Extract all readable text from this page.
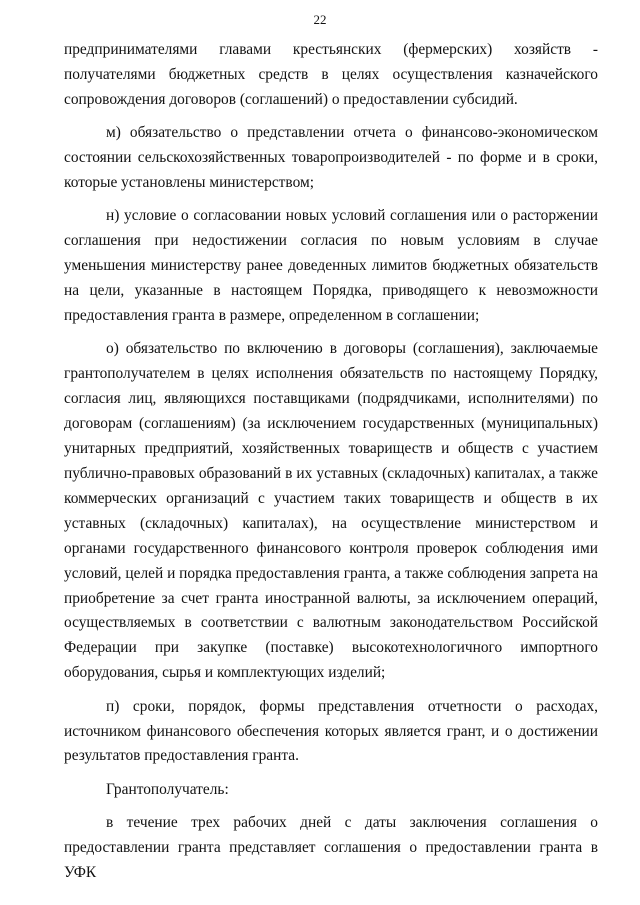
22

предпринимателями главами крестьянских (фермерских) хозяйств - получателями бюджетных средств в целях осуществления казначейского сопровождения договоров (соглашений) о предоставлении субсидий.

м) обязательство о представлении отчета о финансово-экономическом состоянии сельскохозяйственных товаропроизводителей - по форме и в сроки, которые установлены министерством;

н) условие о согласовании новых условий соглашения или о расторжении соглашения при недостижении согласия по новым условиям в случае уменьшения министерству ранее доведенных лимитов бюджетных обязательств на цели, указанные в настоящем Порядка, приводящего к невозможности предоставления гранта в размере, определенном в соглашении;

о) обязательство по включению в договоры (соглашения), заключаемые грантополучателем в целях исполнения обязательств по настоящему Порядку, согласия лиц, являющихся поставщиками (подрядчиками, исполнителями) по договорам (соглашениям) (за исключением государственных (муниципальных) унитарных предприятий, хозяйственных товариществ и обществ с участием публично-правовых образований в их уставных (складочных) капиталах, а также коммерческих организаций с участием таких товариществ и обществ в их уставных (складочных) капиталах), на осуществление министерством и органами государственного финансового контроля проверок соблюдения ими условий, целей и порядка предоставления гранта, а также соблюдения запрета на приобретение за счет гранта иностранной валюты, за исключением операций, осуществляемых в соответствии с валютным законодательством Российской Федерации при закупке (поставке) высокотехнологичного импортного оборудования, сырья и комплектующих изделий;

п) сроки, порядок, формы представления отчетности о расходах, источником финансового обеспечения которых является грант, и о достижении результатов предоставления гранта.

Грантополучатель:

в течение трех рабочих дней с даты заключения соглашения о предоставлении гранта представляет соглашения о предоставлении гранта в УФК
